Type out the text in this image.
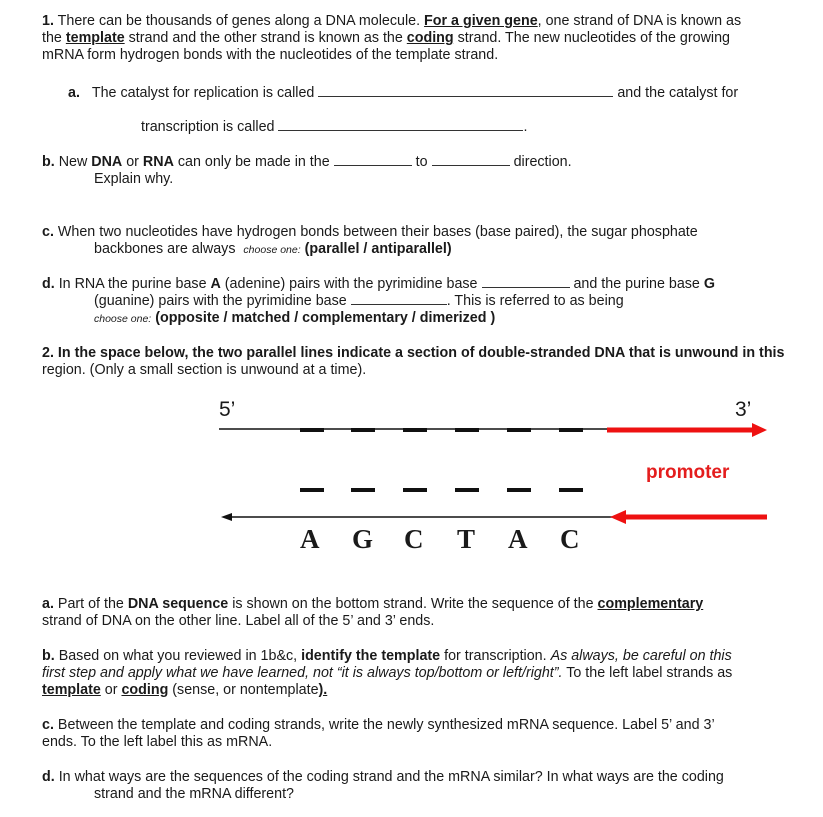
1. There can be thousands of genes along a DNA molecule. For a given gene, one strand of DNA is known as
the template strand and the other strand is known as the coding strand. The new nucleotides of the growing
mRNA form hydrogen bonds with the nucleotides of the template strand.
a. The catalyst for replication is called	and the catalyst for
transcription is called	.
b. New DNA or RNA can only be made in the	to	direction.
Explain why.
c. When two nucleotides have hydrogen bonds between their bases (base paired), the sugar phosphate
backbones are always choose one: (parallel / antiparallel)
d. In RNA the purine base A (adenine) pairs with the pyrimidine base	and the purine base G
(guanine) pairs with the pyrimidine base	. This is referred to as being
choose one: (opposite / matched / complementary / dimerized )
2. In the space below, the two parallel lines indicate a section of double-stranded DNA that is unwound in this
region. (Only a small section is unwound at a time).
5’	3’
promoter
A G C T A C
a. Part of the DNA sequence is shown on the bottom strand. Write the sequence of the complementary
strand of DNA on the other line. Label all of the 5’ and 3’ ends.
b. Based on what you reviewed in 1b&c, identify the template for transcription. As always, be careful on this
first step and apply what we have learned, not “it is always top/bottom or left/right”. To the left label strands as
template or coding (sense, or nontemplate).
c. Between the template and coding strands, write the newly synthesized mRNA sequence. Label 5’ and 3’
ends. To the left label this as mRNA.
d. In what ways are the sequences of the coding strand and the mRNA similar? In what ways are the coding
strand and the mRNA different?
